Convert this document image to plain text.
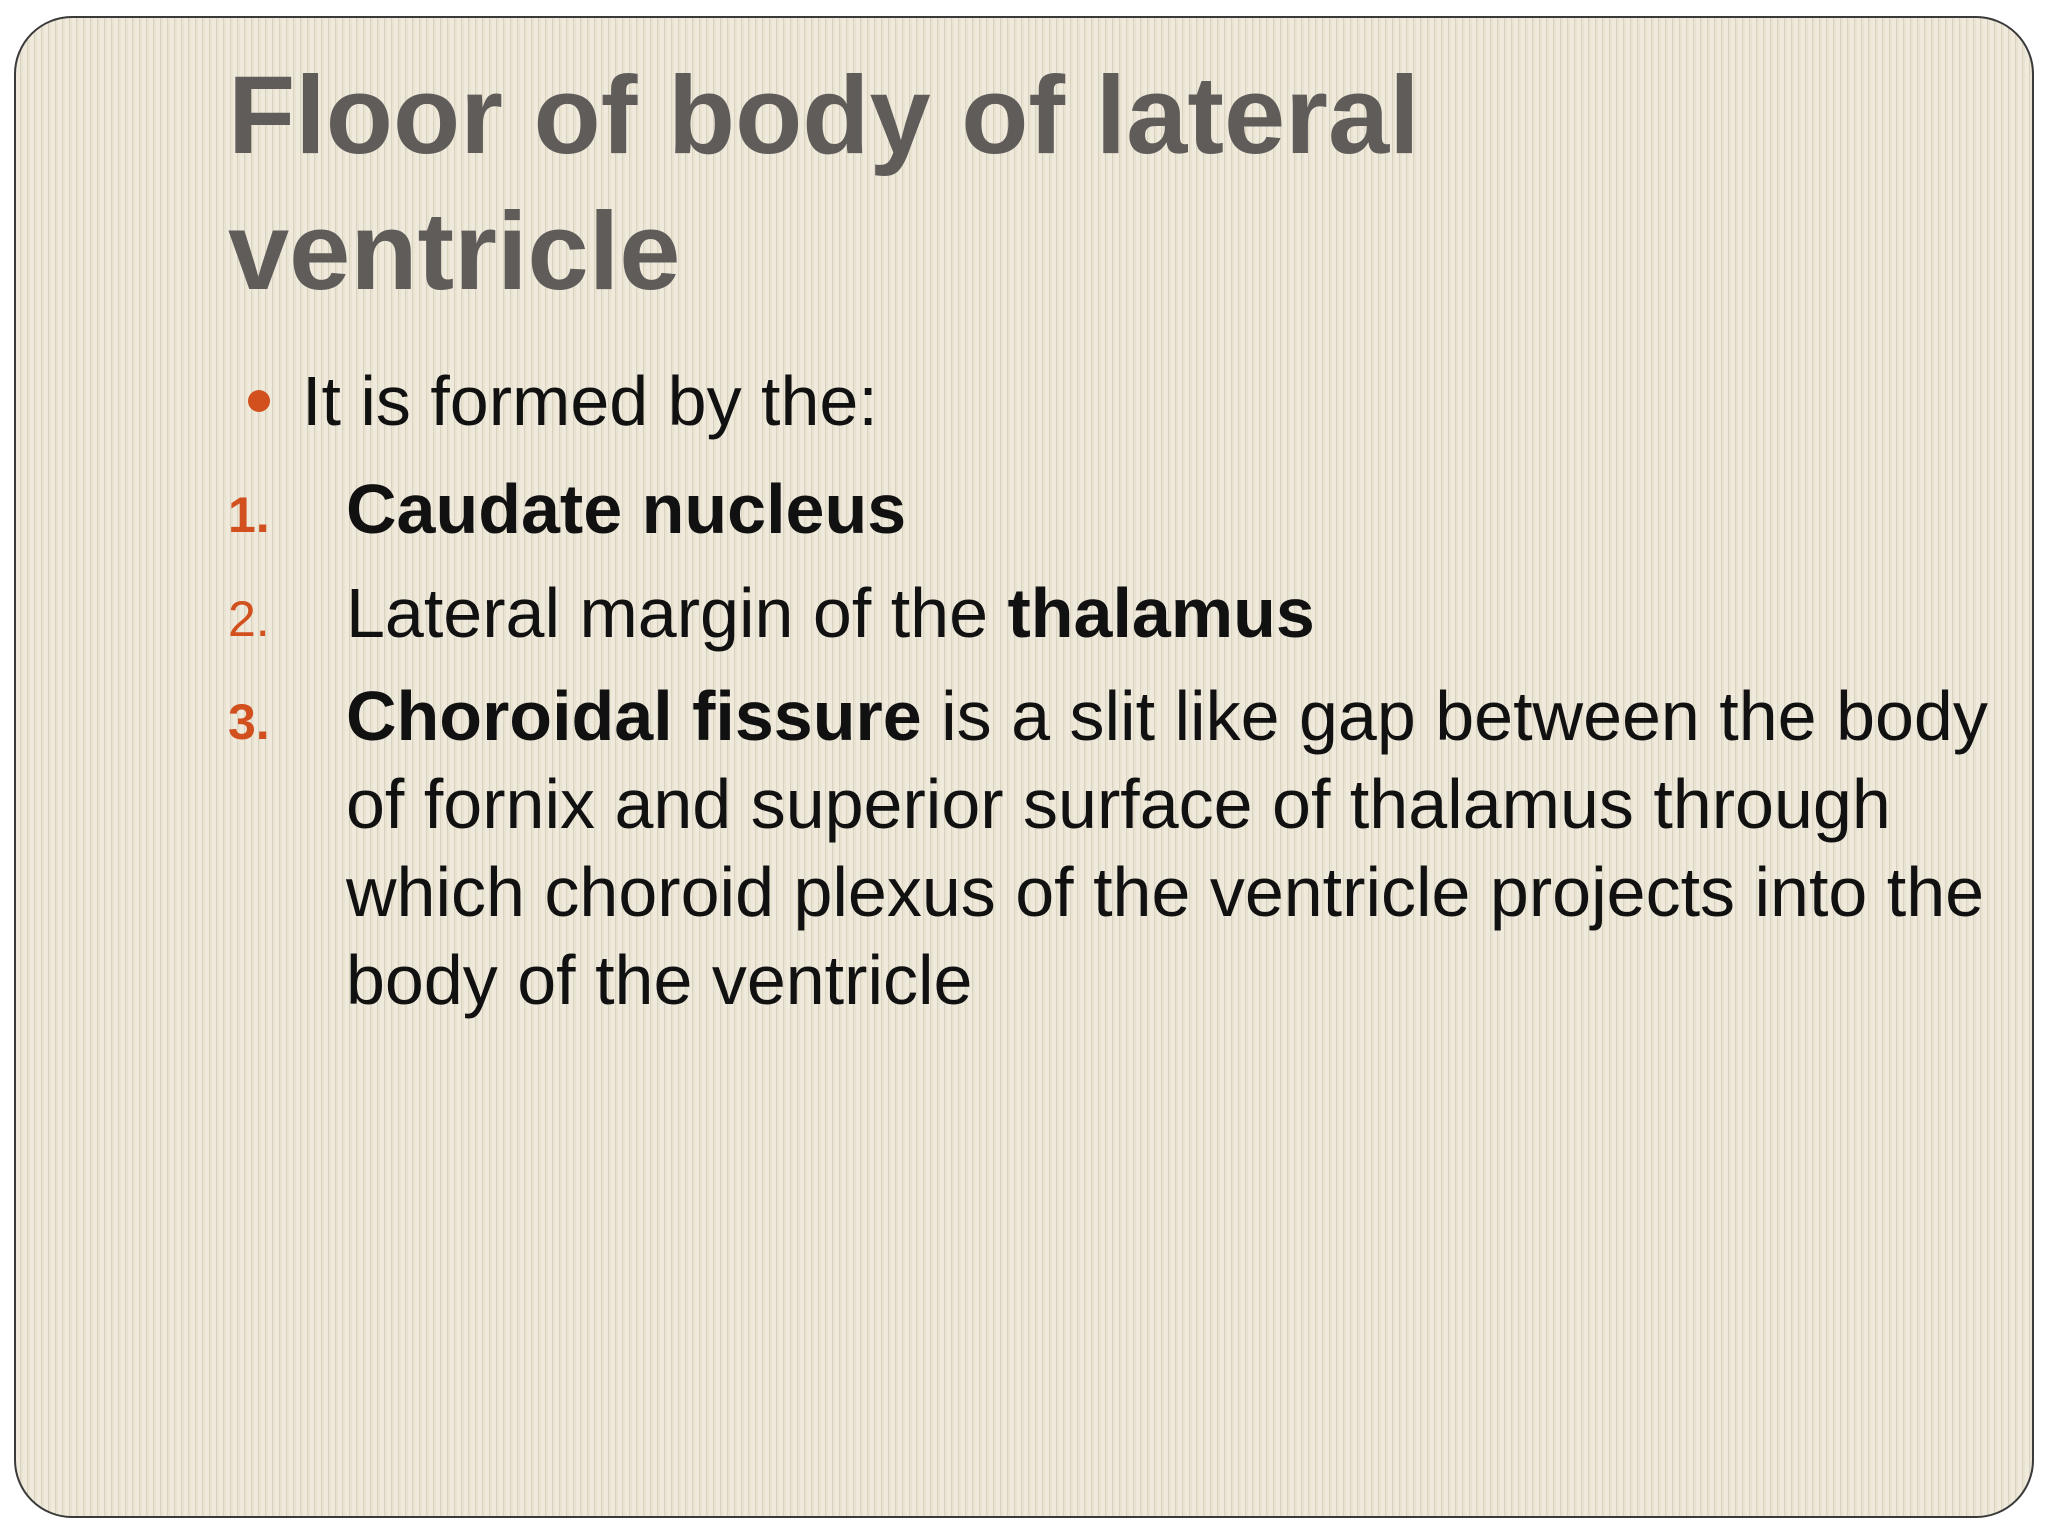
Floor of body of lateral ventricle
It is formed by the:
1.	Caudate nucleus
2.	Lateral margin of the thalamus
3.	Choroidal fissure is a slit like gap between the body of fornix and superior surface of thalamus through which choroid plexus of the ventricle projects into the body of the ventricle
